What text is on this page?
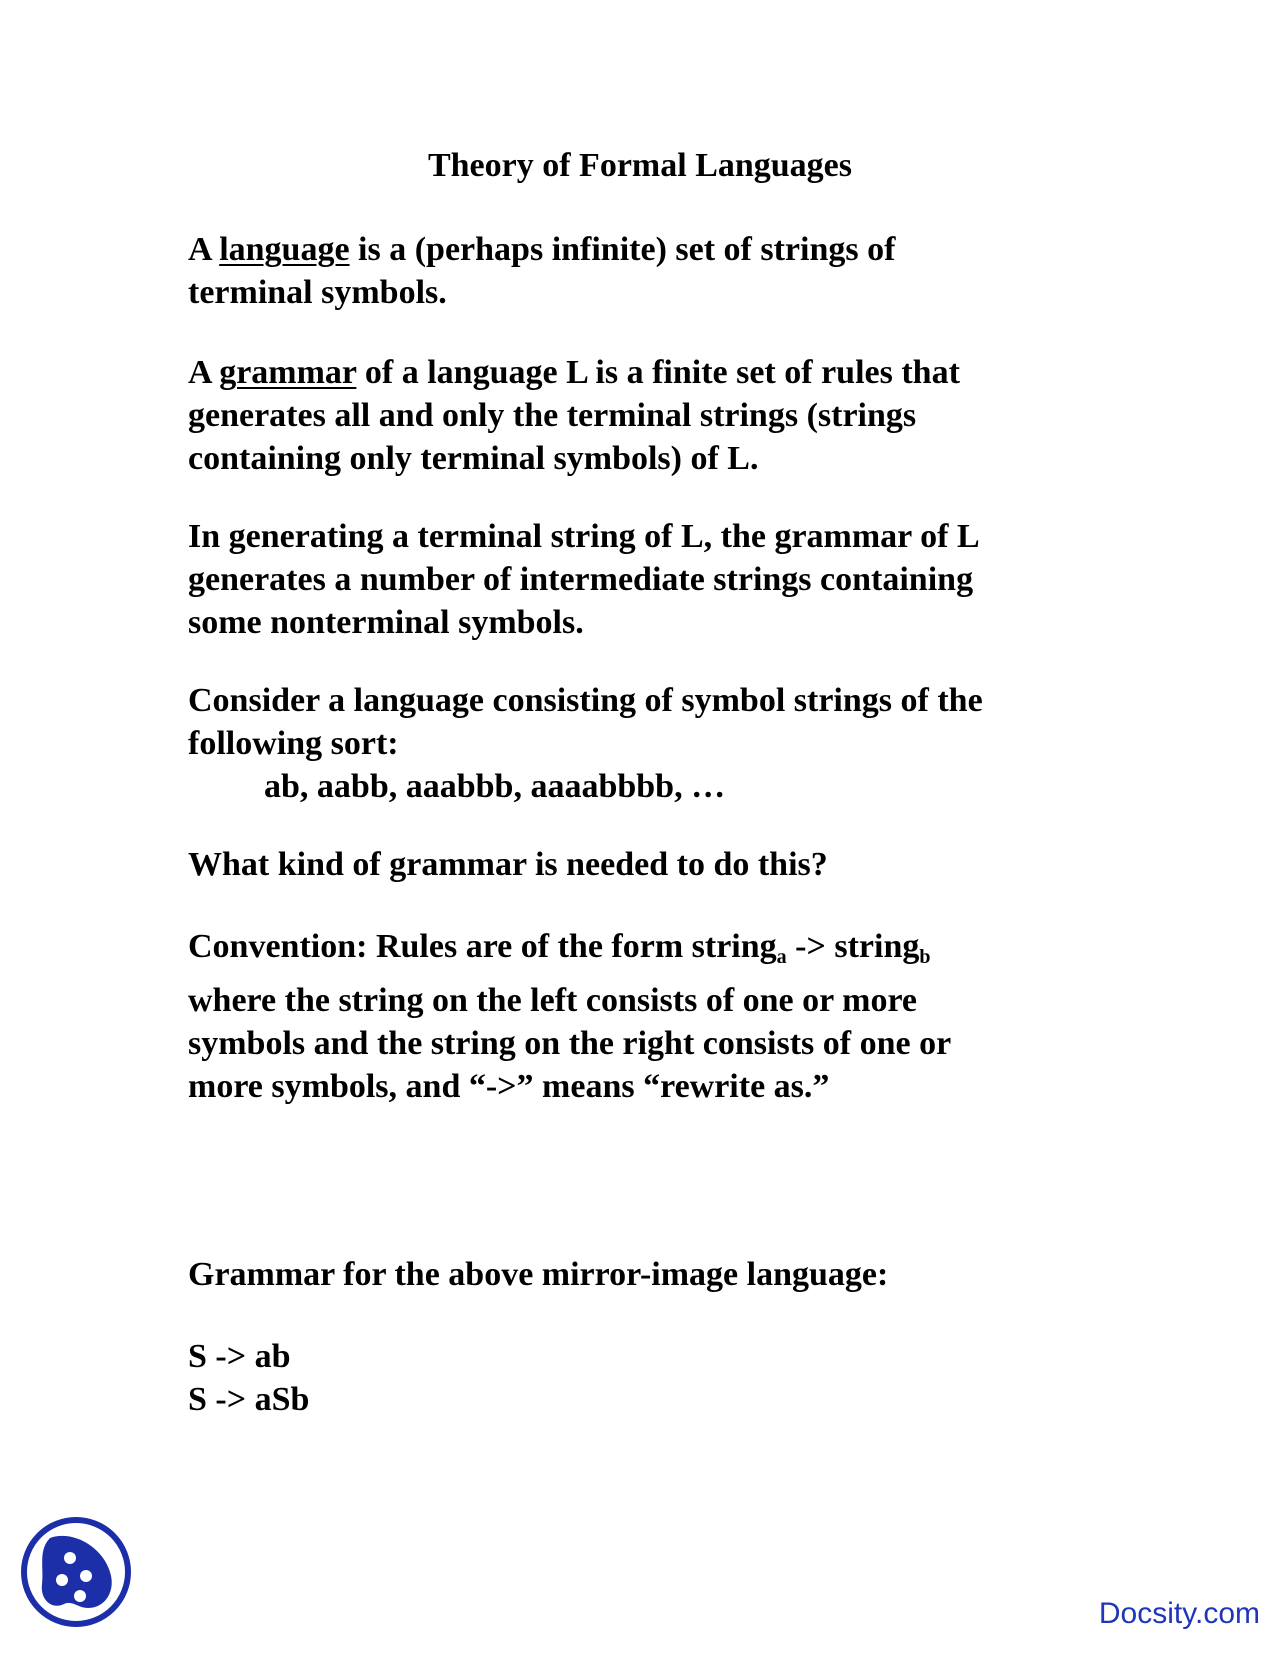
Theory of Formal Languages
A language is a (perhaps infinite) set of strings of
terminal symbols.
A grammar of a language L is a finite set of rules that
generates all and only the terminal strings (strings
containing only terminal symbols) of L.
In generating a terminal string of L, the grammar of L
generates a number of intermediate strings containing
some nonterminal symbols.
Consider a language consisting of symbol strings of the
following sort:
ab, aabb, aaabbb, aaaabbbb, …
What kind of grammar is needed to do this?
Convention: Rules are of the form string$_a$ -> string$_b$
where the string on the left consists of one or more
symbols and the string on the right consists of one or
more symbols, and “->” means “rewrite as.”
Grammar for the above mirror-image language:
S -> ab
S -> aSb
Docsity.com
